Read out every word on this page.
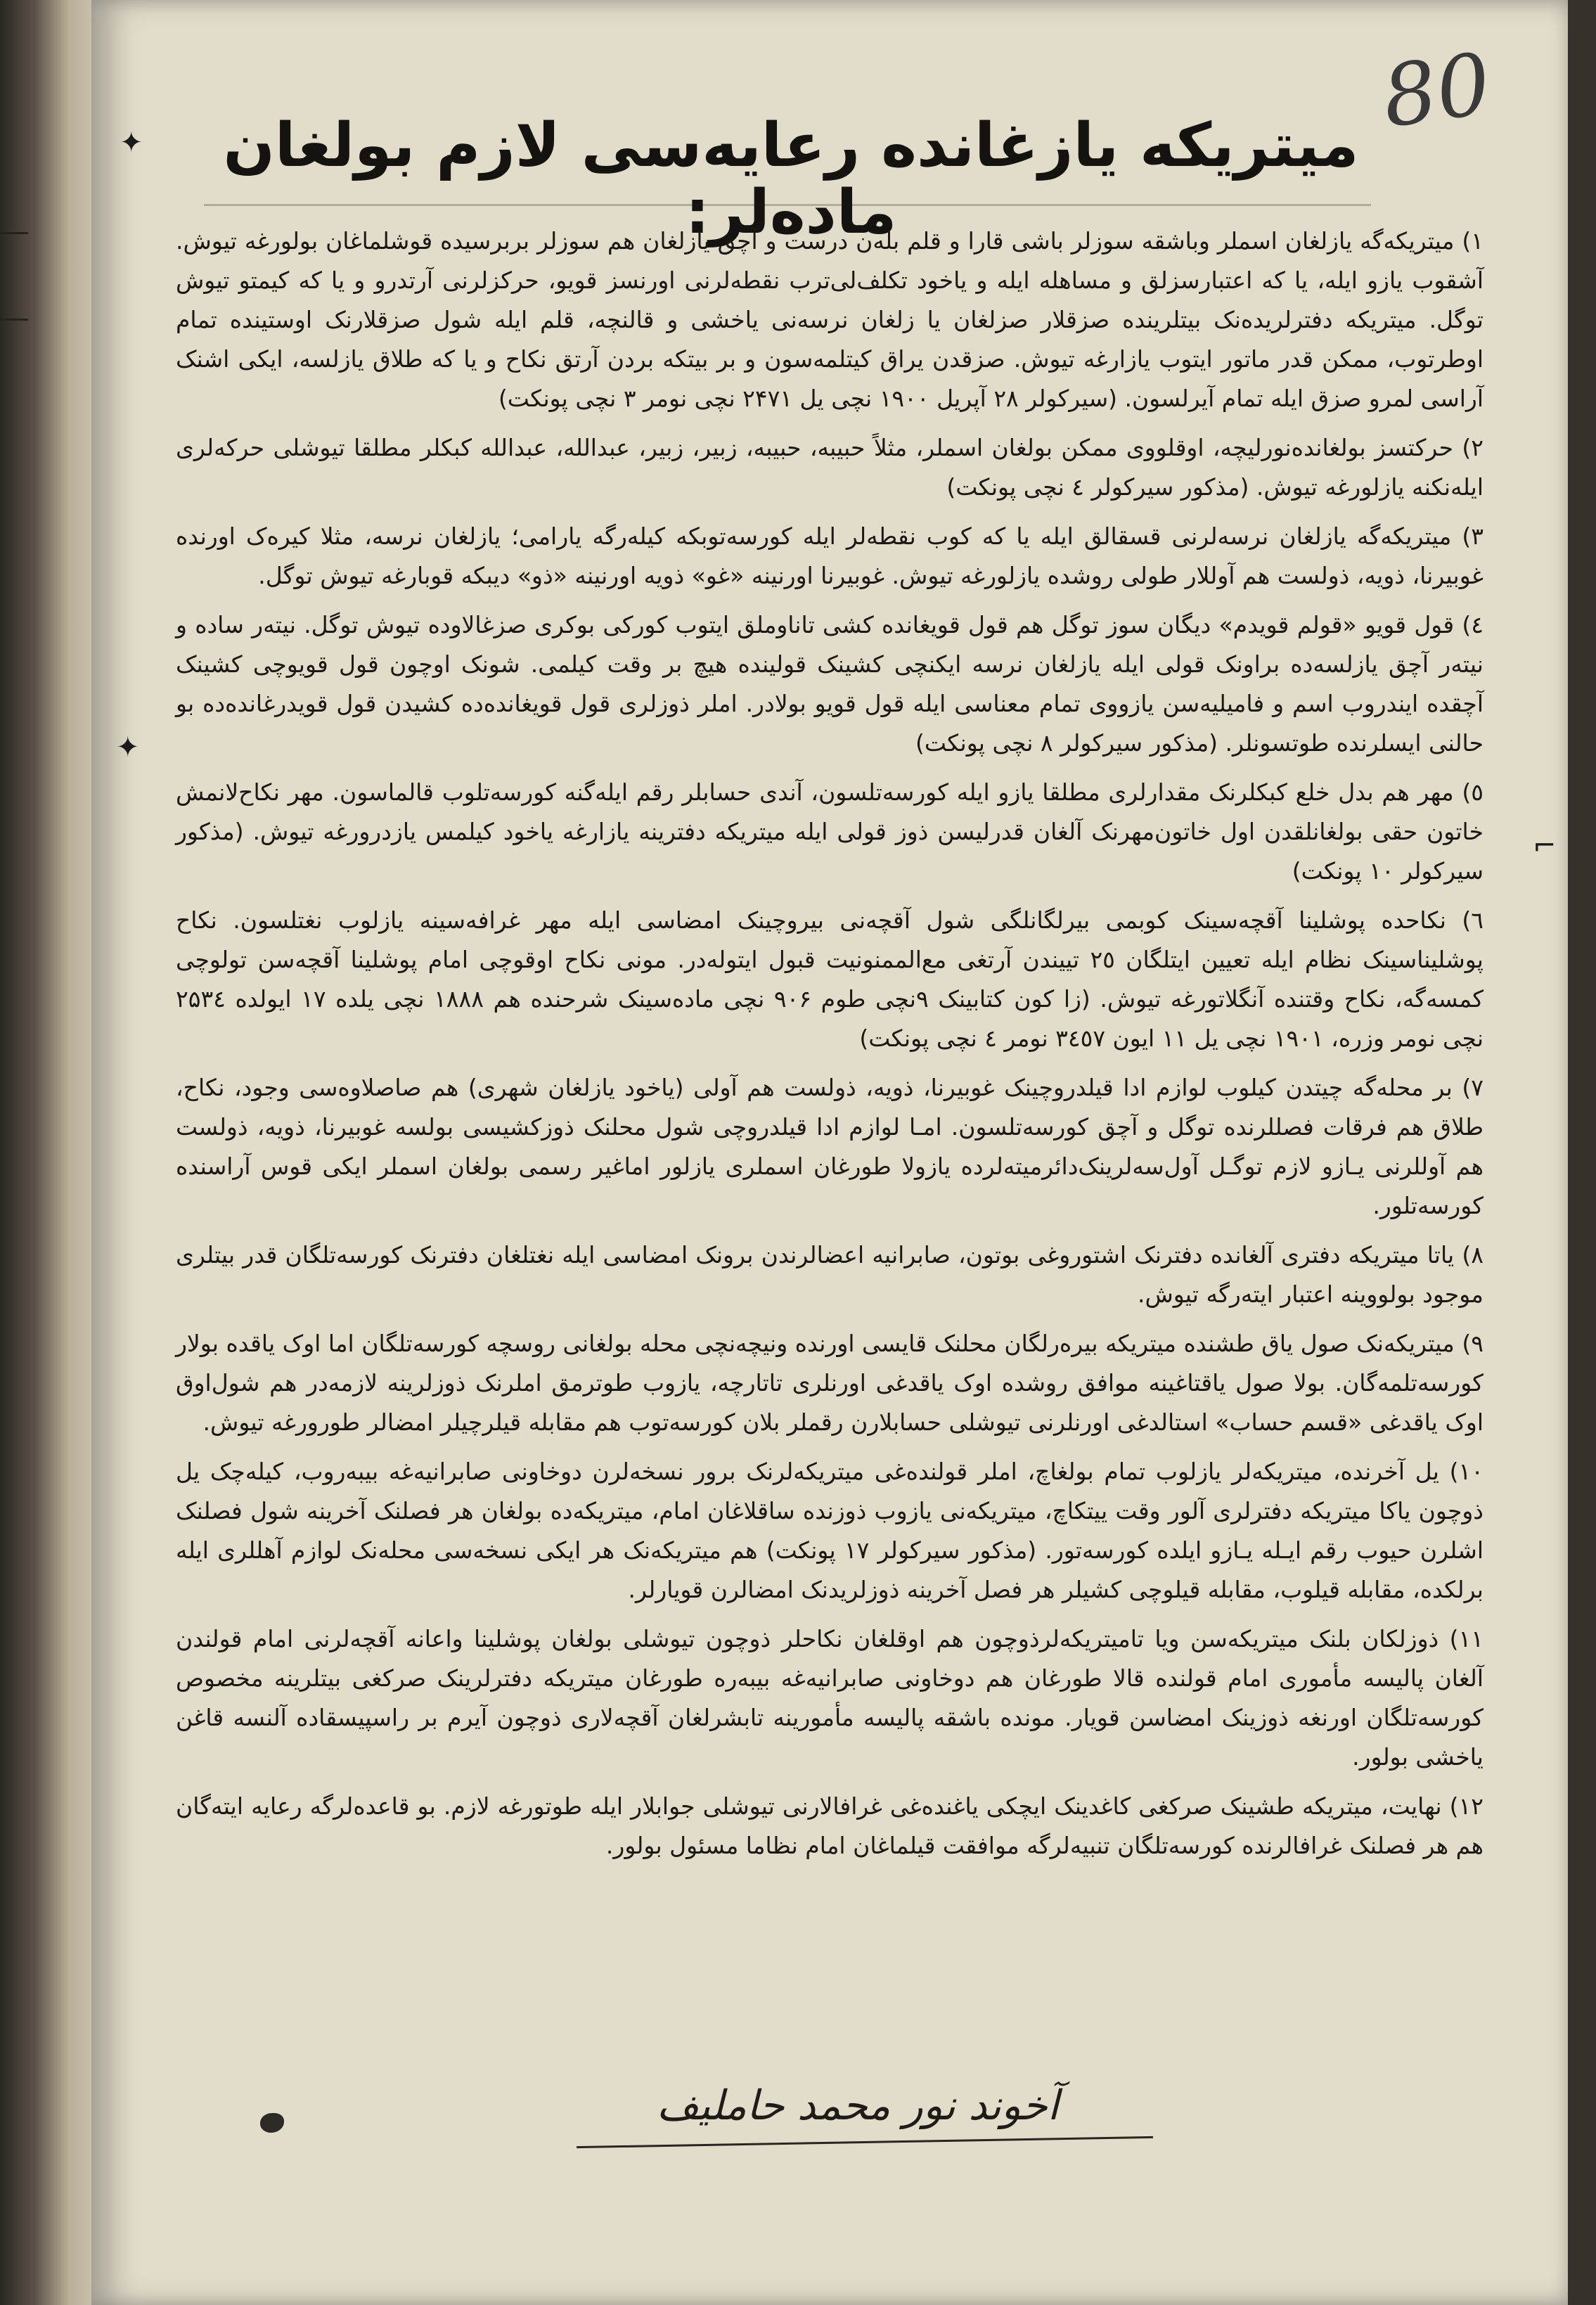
80
میتریکه یازغانده رعایه‌سی لازم بولغان ماده‌لر:

۱) میتریکه‌گه یازلغان اسملر وباشقه سوزلر باشی قارا و قلم بله‌ن درست و آچق یازلغان هم سوزلر بربرسیده قوشلماغان بولورغه تیوش. آشقوب یازو ایله، یا که اعتبارسزلق و مساهله ایله و یاخود تکلف‌لی‌ترب نقطه‌لرنی اورنسز قویو، حرکزلرنی آرتدرو و یا که کیمتو تیوش توگل. میتریکه دفترلریده‌نک بیتلرینده صزقلار صزلغان یا زلغان نرسه‌نی یاخشی و قالنچه، قلم ایله شول صزقلارنک اوستینده تمام اوطرتوب، ممکن قدر ماتور ایتوب یازارغه تیوش. صزقدن یراق کیتلمه‌سون و بر بیتکه بردن آرتق نکاح و یا که طلاق یازلسه، ایکی اشنک آراسی لمرو صزق ایله تمام آیرلسون. (سیرکولر ۲۸ آپریل ۱۹۰۰ نچی یل ۲۴۷۱ نچی نومر ۳ نچی پونکت)

۲) حرکتسز بولغانده‌نورلیچه، اوقلووی ممکن بولغان اسملر، مثلاً حبیبه، حبیبه، زبیر، زبیر، عبدالله، عبدالله کبکلر مطلقا تیوشلی حرکه‌لری ایله‌نکنه یازلورغه تیوش. (مذکور سیرکولر ٤ نچی پونکت)

۳) میتریکه‌گه یازلغان نرسه‌لرنی قسقالق ایله یا که کوب نقطه‌لر ایله کورسه‌توبکه کیله‌رگه یارامی؛ یازلغان نرسه، مثلا کیره‌ک اورنده غوبیرنا، ذویه، ذولست هم آوللار طولی روشده یازلورغه تیوش. غوبیرنا اورنینه «غو» ذویه اورنینه «ذو» دیبکه قوبارغه تیوش توگل.

٤) قول قویو «قولم قویدم» دیگان سوز توگل هم قول قویغانده کشی تاناوملق ایتوب کورکی بوکری صزغالاوده تیوش توگل. نیته‌ر ساده و نیته‌ر آچق یازلسه‌ده براونک قولی ایله یازلغان نرسه ایکنچی کشینک قولینده هیچ بر وقت کیلمی. شونک اوچون قول قویوچی کشینک آچقده ایندروب اسم و فامیلیه‌سن یازووی تمام معناسی ایله قول قویو بولادر. املر ذوزلری قول قویغانده‌ده کشیدن قول قویدرغانده‌ده بو حالنی ایسلرنده طوتسونلر. (مذکور سیرکولر ۸ نچی پونکت)

٥) مهر هم بدل خلع کبکلرنک مقدارلری مطلقا یازو ایله کورسه‌تلسون، آندی حسابلر رقم ایله‌گنه کورسه‌تلوب قالماسون. مهر نکاح‌لانمش خاتون حقی بولغانلقدن اول خاتون‌مهرنک آلغان قدرلیسن ذوز قولی ایله میتریکه دفترینه یازارغه یاخود کیلمس یازدرورغه تیوش. (مذکور سیرکولر ۱۰ پونکت)

٦) نکاحده پوشلینا آقچه‌سینک کوبمی بیرلگانلگی شول آقچه‌نی بیروچینک امضاسی ایله مهر غرافه‌سینه یازلوب نغتلسون. نکاح پوشلیناسینک نظام ایله تعیین ایتلگان ۲٥ تییندن آرتغی مع‌الممنونیت قبول ایتوله‌در. مونی نکاح اوقوچی امام پوشلینا آقچه‌سن تولوچی کمسه‌گه، نکاح وقتنده آنگلاتورغه تیوش. (زا کون کتابینک ۹نچی طوم ۹۰۶ نچی ماده‌سینک شرحنده هم ۱۸۸۸ نچی یلده ۱۷ ایولده ۲۵۳٤ نچی نومر وزره، ۱۹۰۱ نچی یل ۱۱ ایون ۳٤٥۷ نومر ٤ نچی پونکت)

۷) بر محله‌گه چیتدن کیلوب لوازم ادا قیلدروچینک غوبیرنا، ذویه، ذولست هم آولی (یاخود یازلغان شهری) هم صاصلاوه‌سی وجود، نکاح، طلاق هم فرقات فصللرنده توگل و آچق کورسه‌تلسون. امـا لوازم ادا قیلدروچی شول محلنک ذوزکشیسی بولسه غوبیرنا، ذویه، ذولست هم آوللرنی یـازو لازم توگـل آول‌سه‌لرینک‌دائرمیته‌لرده یازولا طورغان اسملری یازلور اماغیر رسمی بولغان اسملر ایکی قوس آراسنده کورسه‌تلور.

۸) یاتا میتریکه دفتری آلغانده دفترنک اشتوروغی بوتون، صابرانیه اعضالرندن برونک امضاسی ایله نغتلغان دفترنک کورسه‌تلگان قدر بیتلری موجود بولووینه اعتبار ایته‌رگه تیوش.

۹) میتریکه‌نک صول یاق طشنده میتریکه بیره‌رلگان محلنک قایسی اورنده ونیچه‌نچی محله بولغانی روسچه کورسه‌تلگان اما اوک یاقده بولار کورسه‌تلمه‌گان. بولا صول یاقتاغینه موافق روشده اوک یاقدغی اورنلری تاتارچه، یازوب طوترمق املرنک ذوزلرینه لازمه‌در هم شول‌اوق اوک یاقدغی «قسم حساب» استالدغی اورنلرنی تیوشلی حسابلارن رقملر بلان کورسه‌توب هم مقابله قیلرچیلر امضالر طورورغه تیوش.

۱۰) یل آخرنده، میتریکه‌لر یازلوب تمام بولغاچ، املر قولنده‌غی میتریکه‌لرنک برور نسخه‌لرن دوخاونی صابرانیه‌غه بیبه‌روب، کیله‌چک یل ذوچون یاکا میتریکه دفترلری آلور وقت ییتکاچ، میتریکه‌نی یازوب ذوزنده ساقلاغان امام، میتریکه‌ده بولغان هر فصلنک آخرینه شول فصلنک اشلرن حیوب رقم ایـله یـازو ایلده کورسه‌تور. (مذکور سیرکولر ۱۷ پونکت) هم میتریکه‌نک هر ایکی نسخه‌سی محله‌نک لوازم آهللری ایله برلکده، مقابله قیلوب، مقابله قیلوچی کشیلر هر فصل آخرینه ذوزلریدنک امضالرن قویارلر.

۱۱) ذوزلکان بلنک میتریکه‌سن ویا تامیتریکه‌لرذوچون هم اوقلغان نکاحلر ذوچون تیوشلی بولغان پوشلینا واعانه آقچه‌لرنی امام قولندن آلغان پالیسه مأموری امام قولنده قالا طورغان هم دوخاونی صابرانیه‌غه بیبه‌ره طورغان میتریکه دفترلرینک صرکغی بیتلرینه مخصوص کورسه‌تلگان اورنغه ذوزینک امضاسن قویار. مونده باشقه پالیسه مأمورینه تابشرلغان آقچه‌لاری ذوچون آیرم بر راسپیسقاده آلنسه قاغن یاخشی بولور.

۱۲) نهایت، میتریکه طشینک صرکغی کاغدینک ایچکی یاغنده‌غی غرافالارنی تیوشلی جوابلار ایله طوتورغه لازم. بو قاعده‌لرگه رعایه ایته‌گان هم هر فصلنک غرافالرنده کورسه‌تلگان تنبیه‌لرگه موافقت قیلماغان امام نظاما مسئول بولور.

آخوند نور محمد حامليف
✦
✦
⌐
